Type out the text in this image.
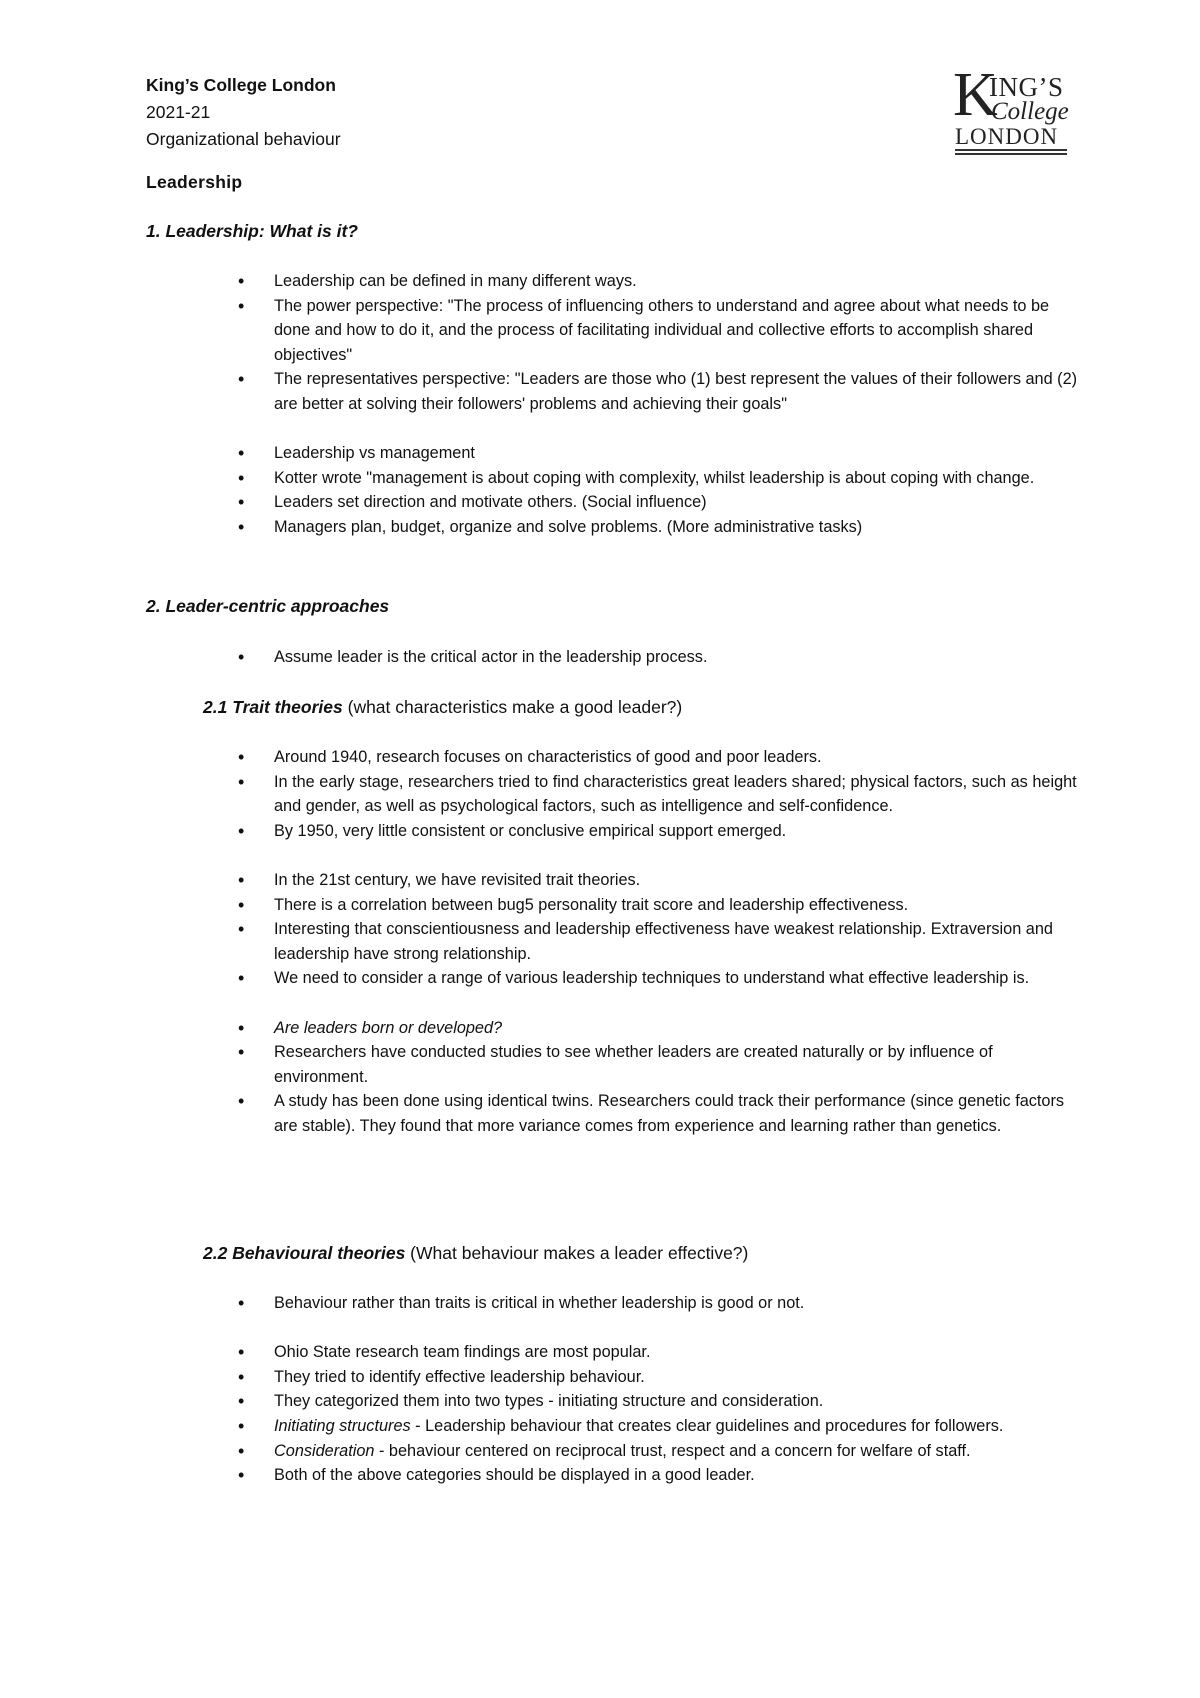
King’s College London
2021-21
Organizational behaviour
K
ING’S
College
LONDON
Leadership
1. Leadership: What is it?
• Leadership can be defined in many different ways.
• The power perspective: "The process of influencing others to understand and agree about what needs to be done and how to do it, and the process of facilitating individual and collective efforts to accomplish shared objectives"
• The representatives perspective: "Leaders are those who (1) best represent the values of their followers and (2) are better at solving their followers' problems and achieving their goals"
• Leadership vs management
• Kotter wrote "management is about coping with complexity, whilst leadership is about coping with change.
• Leaders set direction and motivate others. (Social influence)
• Managers plan, budget, organize and solve problems. (More administrative tasks)
2. Leader-centric approaches
• Assume leader is the critical actor in the leadership process.
2.1 Trait theories (what characteristics make a good leader?)
• Around 1940, research focuses on characteristics of good and poor leaders.
• In the early stage, researchers tried to find characteristics great leaders shared; physical factors, such as height and gender, as well as psychological factors, such as intelligence and self-confidence.
• By 1950, very little consistent or conclusive empirical support emerged.
• In the 21st century, we have revisited trait theories.
• There is a correlation between bug5 personality trait score and leadership effectiveness.
• Interesting that conscientiousness and leadership effectiveness have weakest relationship. Extraversion and leadership have strong relationship.
• We need to consider a range of various leadership techniques to understand what effective leadership is.
• Are leaders born or developed?
• Researchers have conducted studies to see whether leaders are created naturally or by influence of environment.
• A study has been done using identical twins. Researchers could track their performance (since genetic factors are stable). They found that more variance comes from experience and learning rather than genetics.
2.2 Behavioural theories (What behaviour makes a leader effective?)
• Behaviour rather than traits is critical in whether leadership is good or not.
• Ohio State research team findings are most popular.
• They tried to identify effective leadership behaviour.
• They categorized them into two types - initiating structure and consideration.
• Initiating structures - Leadership behaviour that creates clear guidelines and procedures for followers.
• Consideration - behaviour centered on reciprocal trust, respect and a concern for welfare of staff.
• Both of the above categories should be displayed in a good leader.
